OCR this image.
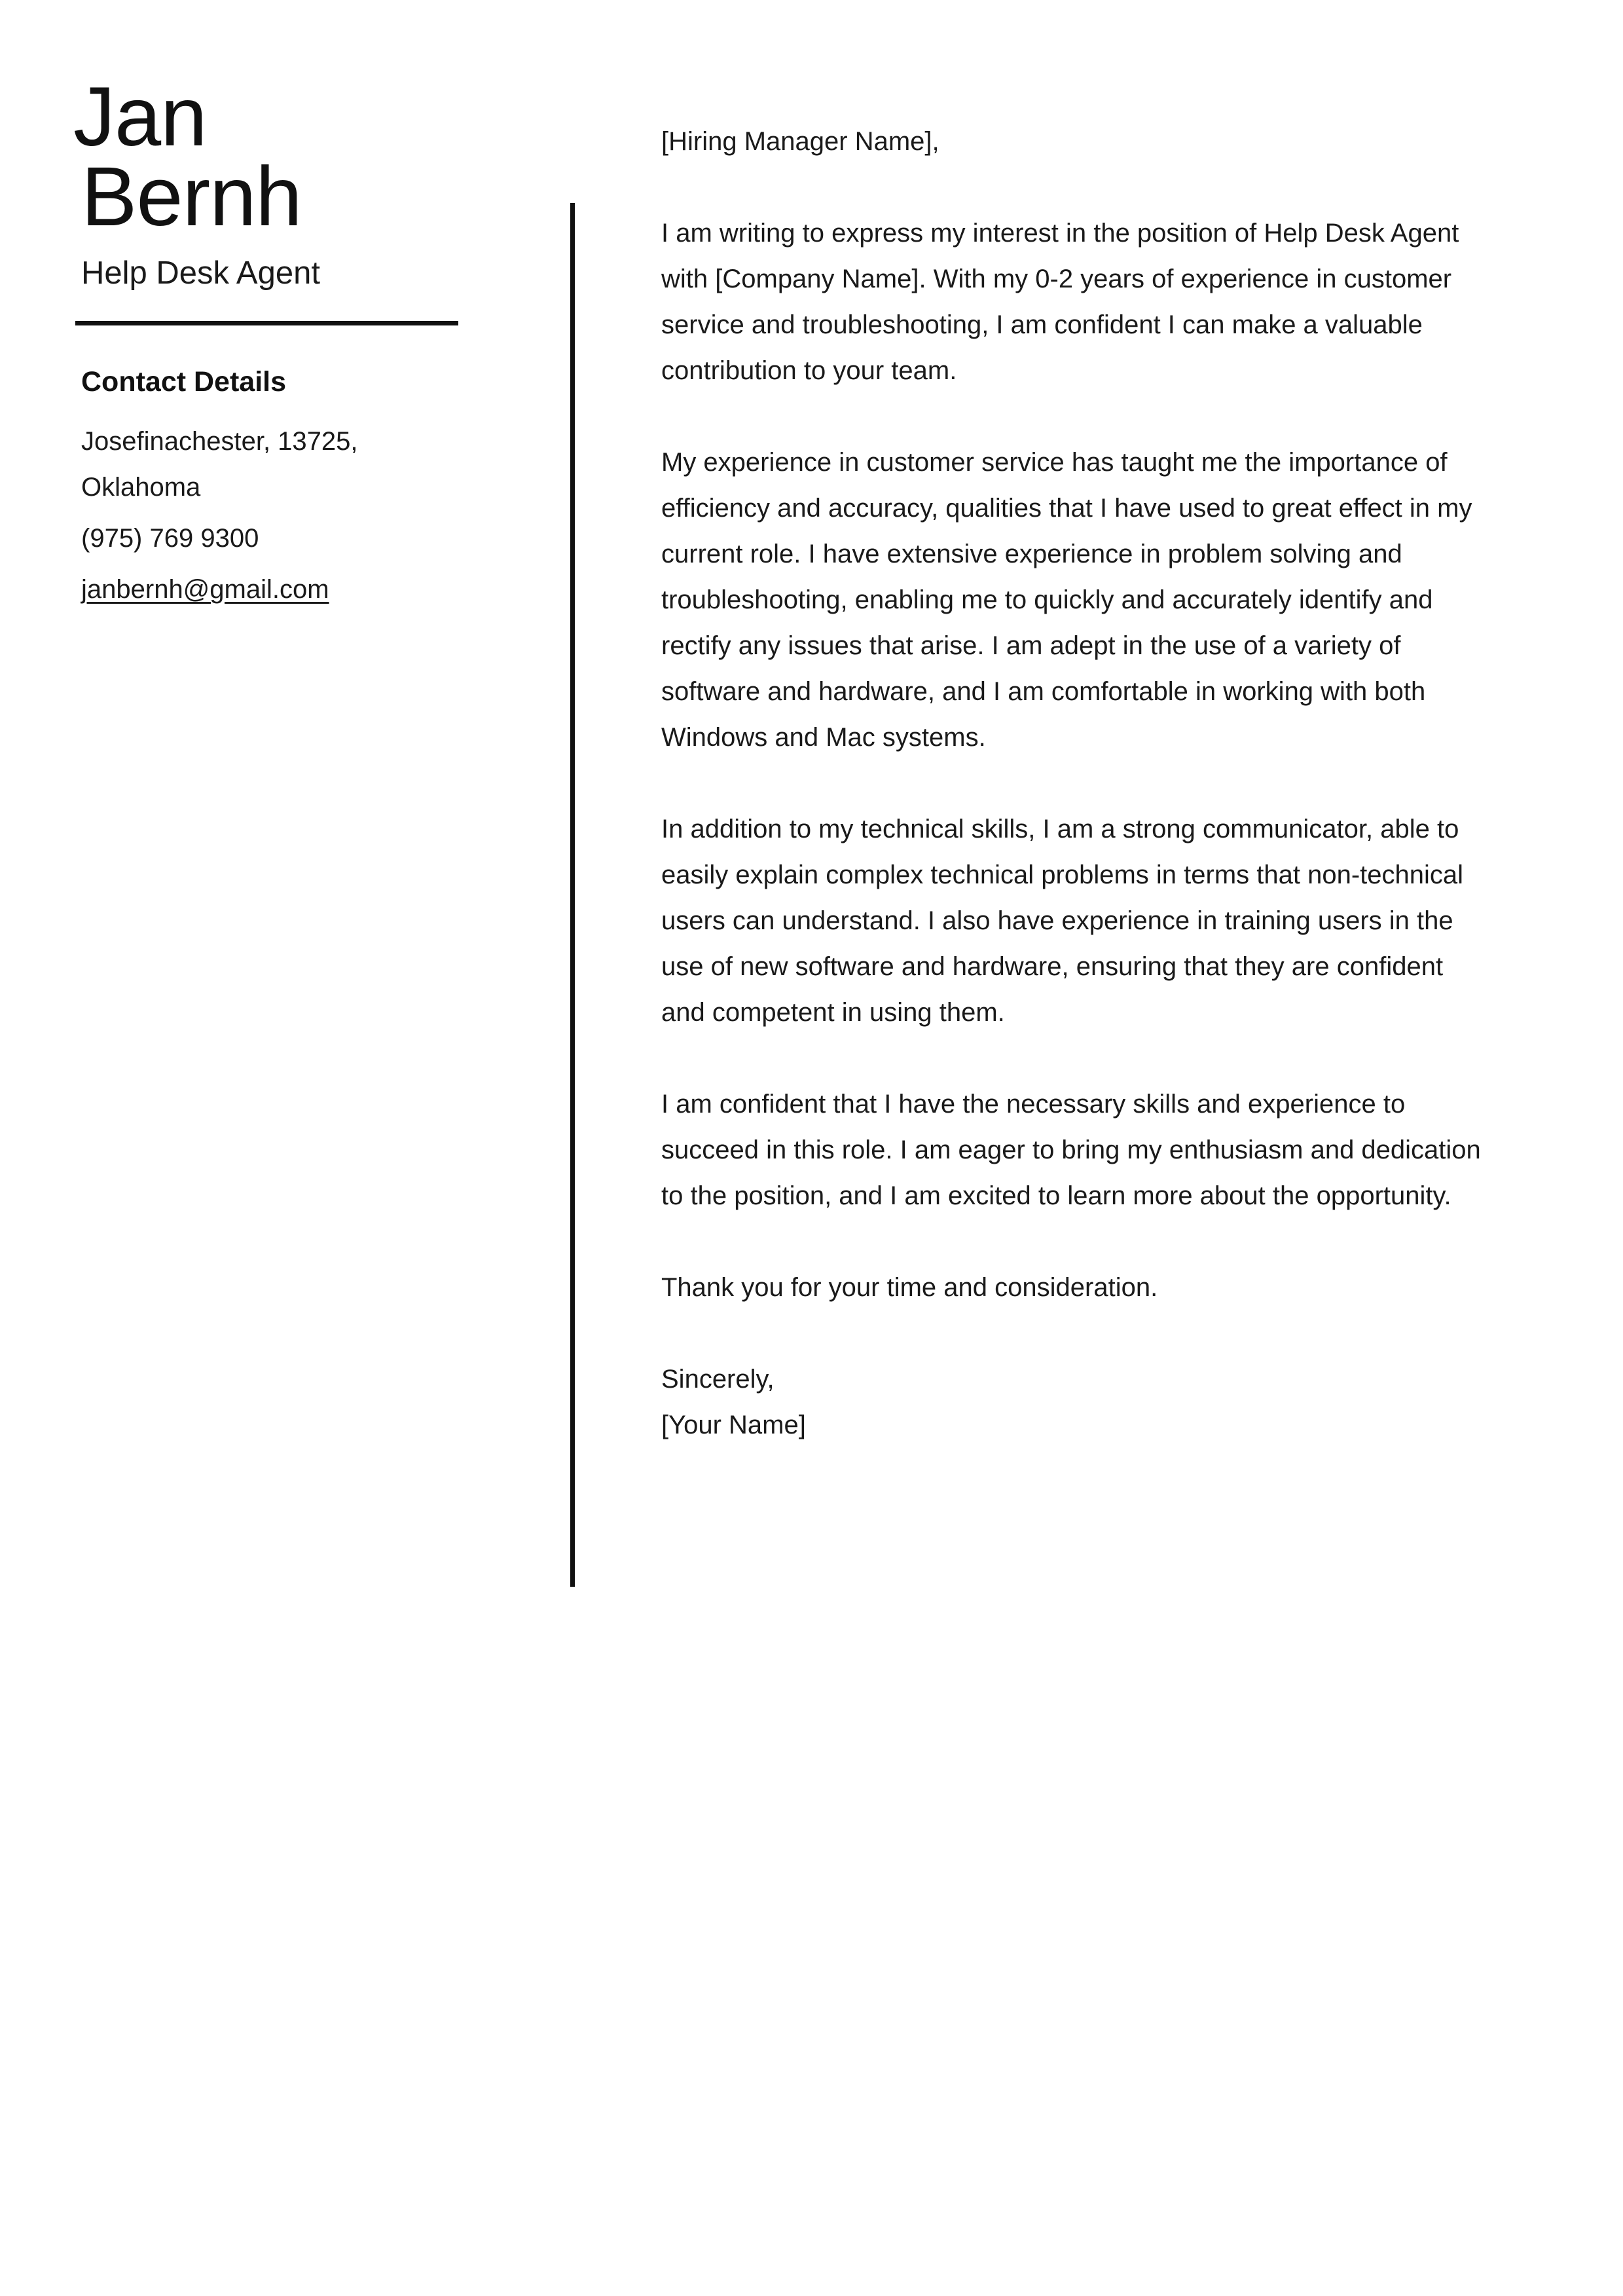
Jan
Bernh
Help Desk Agent
Contact Details
Josefinachester, 13725, Oklahoma
(975) 769 9300
janbernh@gmail.com

[Hiring Manager Name],

I am writing to express my interest in the position of Help Desk Agent with [Company Name]. With my 0-2 years of experience in customer service and troubleshooting, I am confident I can make a valuable contribution to your team.

My experience in customer service has taught me the importance of efficiency and accuracy, qualities that I have used to great effect in my current role. I have extensive experience in problem solving and troubleshooting, enabling me to quickly and accurately identify and rectify any issues that arise. I am adept in the use of a variety of software and hardware, and I am comfortable in working with both Windows and Mac systems.

In addition to my technical skills, I am a strong communicator, able to easily explain complex technical problems in terms that non-technical users can understand. I also have experience in training users in the use of new software and hardware, ensuring that they are confident and competent in using them.

I am confident that I have the necessary skills and experience to succeed in this role. I am eager to bring my enthusiasm and dedication to the position, and I am excited to learn more about the opportunity.

Thank you for your time and consideration.

Sincerely,
[Your Name]
